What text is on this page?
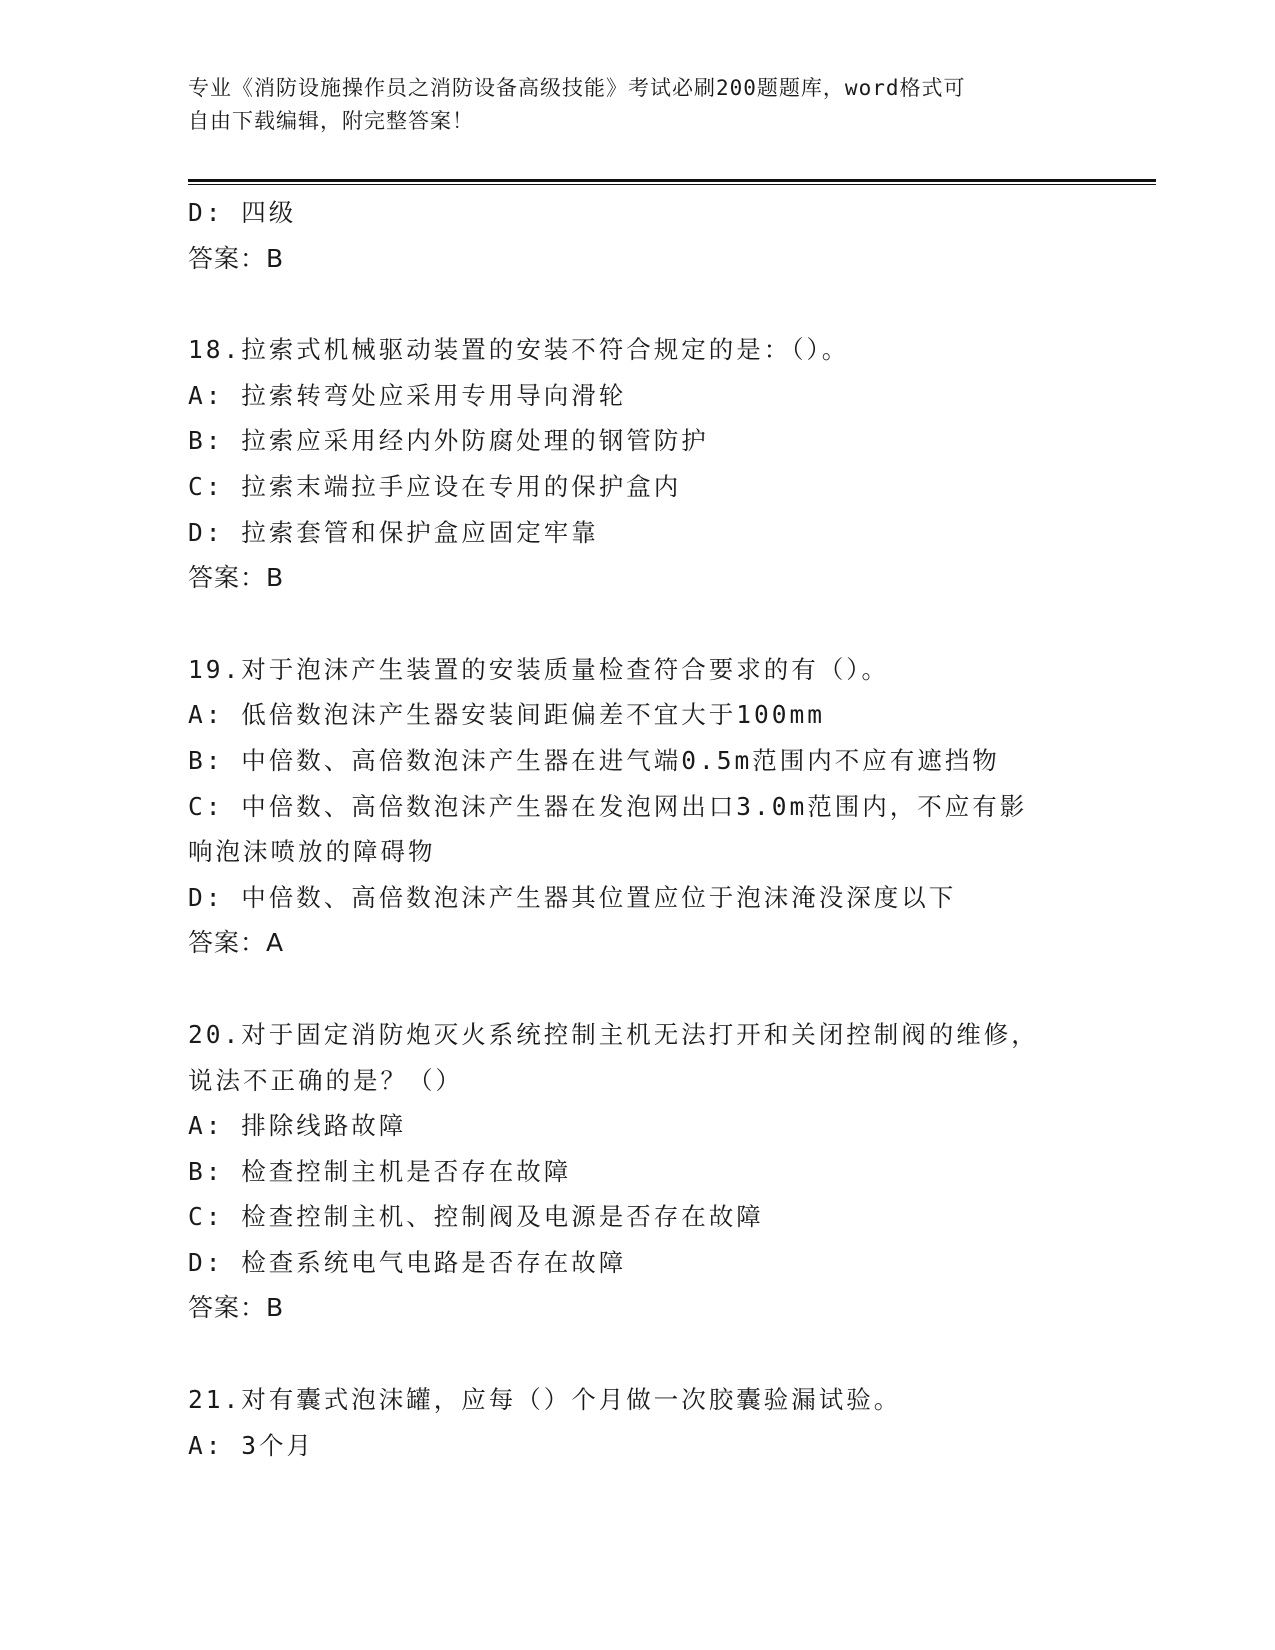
专业《消防设施操作员之消防设备高级技能》考试必刷200题题库，word格式可
自由下载编辑，附完整答案！
D: 四级
答案：B
18.拉索式机械驱动装置的安装不符合规定的是：（）。
A: 拉索转弯处应采用专用导向滑轮
B: 拉索应采用经内外防腐处理的钢管防护
C: 拉索末端拉手应设在专用的保护盒内
D: 拉索套管和保护盒应固定牢靠
答案：B
19.对于泡沫产生装置的安装质量检查符合要求的有（）。
A: 低倍数泡沫产生器安装间距偏差不宜大于100mm
B: 中倍数、高倍数泡沫产生器在进气端0.5m范围内不应有遮挡物
C: 中倍数、高倍数泡沫产生器在发泡网出口3.0m范围内，不应有影
响泡沫喷放的障碍物
D: 中倍数、高倍数泡沫产生器其位置应位于泡沫淹没深度以下
答案：A
20.对于固定消防炮灭火系统控制主机无法打开和关闭控制阀的维修，
说法不正确的是？（）
A: 排除线路故障
B: 检查控制主机是否存在故障
C: 检查控制主机、控制阀及电源是否存在故障
D: 检查系统电气电路是否存在故障
答案：B
21.对有囊式泡沫罐，应每（）个月做一次胶囊验漏试验。
A: 3个月
